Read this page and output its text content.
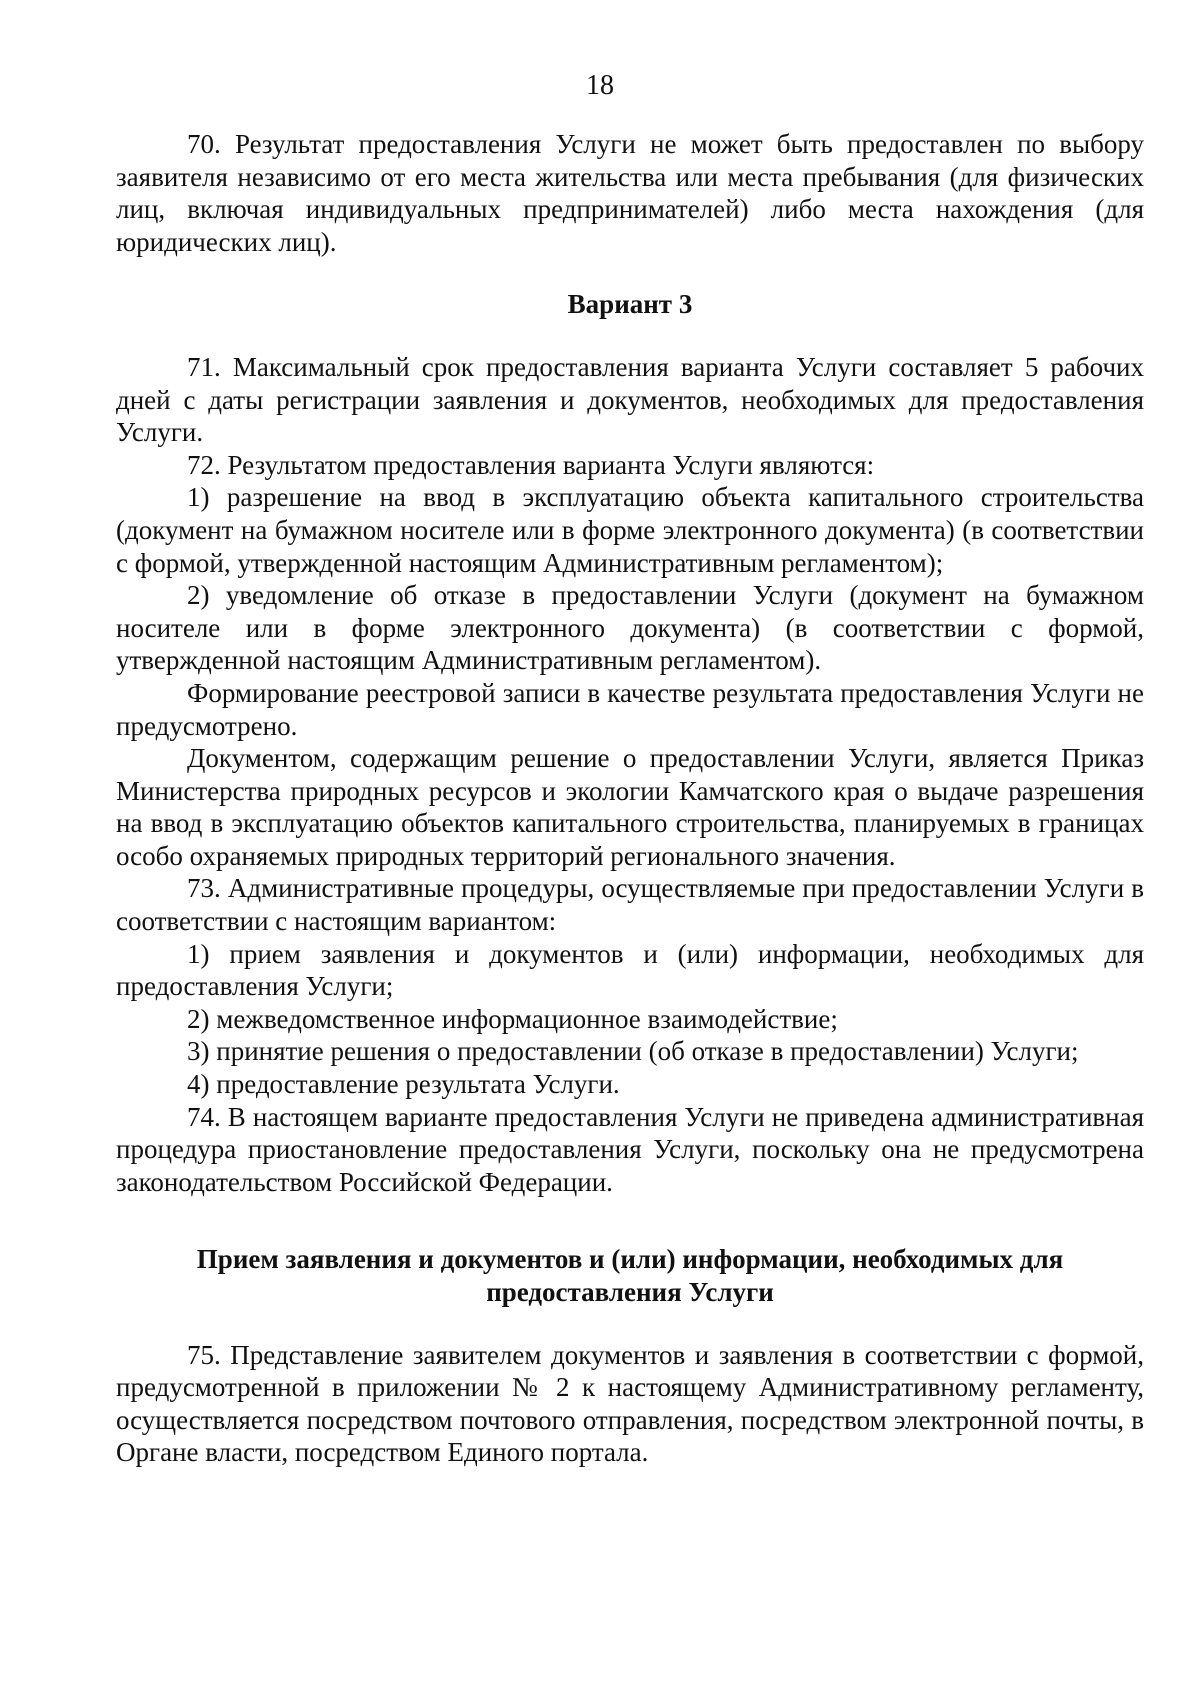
18

70. Результат предоставления Услуги не может быть предоставлен по выбору заявителя независимо от его места жительства или места пребывания (для физических лиц, включая индивидуальных предпринимателей) либо места нахождения (для юридических лиц).

Вариант 3

71. Максимальный срок предоставления варианта Услуги составляет 5 рабочих дней с даты регистрации заявления и документов, необходимых для предоставления Услуги.

72. Результатом предоставления варианта Услуги являются:

1) разрешение на ввод в эксплуатацию объекта капитального строительства (документ на бумажном носителе или в форме электронного документа) (в соответствии с формой, утвержденной настоящим Административным регламентом);

2) уведомление об отказе в предоставлении Услуги (документ на бумажном носителе или в форме электронного документа) (в соответствии с формой, утвержденной настоящим Административным регламентом).

Формирование реестровой записи в качестве результата предоставления Услуги не предусмотрено.

Документом, содержащим решение о предоставлении Услуги, является Приказ Министерства природных ресурсов и экологии Камчатского края о выдаче разрешения на ввод в эксплуатацию объектов капитального строительства, планируемых в границах особо охраняемых природных территорий регионального значения.

73. Административные процедуры, осуществляемые при предоставлении Услуги в соответствии с настоящим вариантом:

1) прием заявления и документов и (или) информации, необходимых для предоставления Услуги;

2) межведомственное информационное взаимодействие;

3) принятие решения о предоставлении (об отказе в предоставлении) Услуги;

4) предоставление результата Услуги.

74. В настоящем варианте предоставления Услуги не приведена административная процедура приостановление предоставления Услуги, поскольку она не предусмотрена законодательством Российской Федерации.

Прием заявления и документов и (или) информации, необходимых для предоставления Услуги

75. Представление заявителем документов и заявления в соответствии с формой, предусмотренной в приложении № 2 к настоящему Административному регламенту, осуществляется посредством почтового отправления, посредством электронной почты, в Органе власти, посредством Единого портала.
